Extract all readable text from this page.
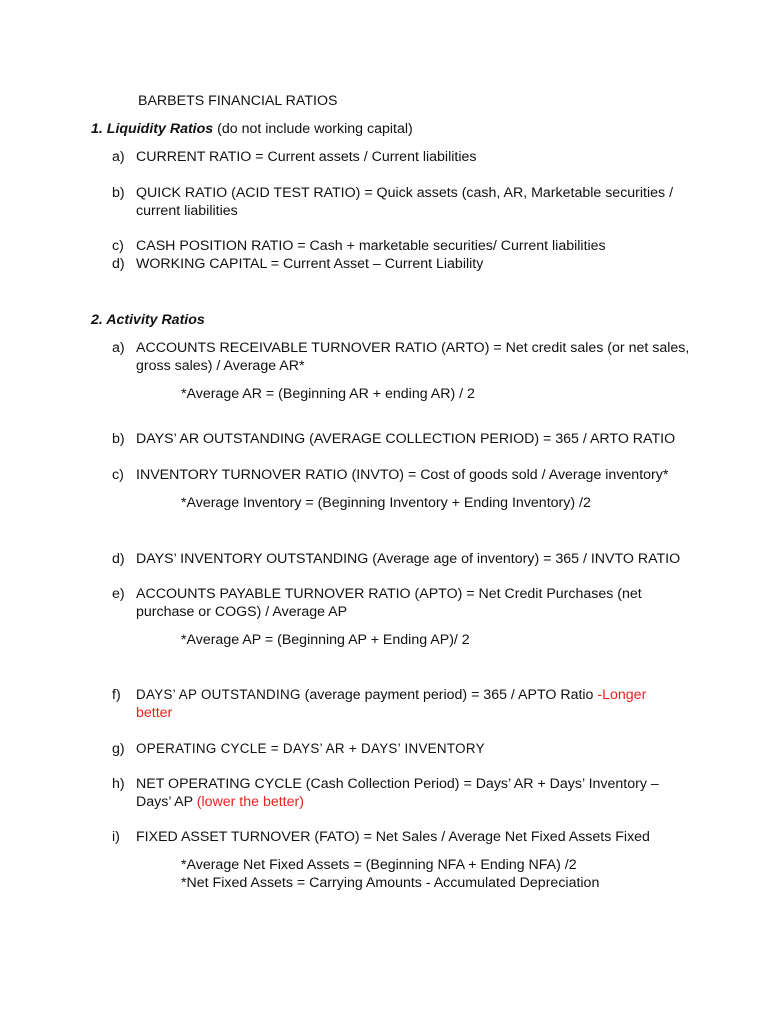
BARBETS FINANCIAL RATIOS
1. Liquidity Ratios (do not include working capital)
a) CURRENT RATIO = Current assets / Current liabilities
b) QUICK RATIO (ACID TEST RATIO) = Quick assets (cash, AR, Marketable securities /
current liabilities
c) CASH POSITION RATIO = Cash + marketable securities/ Current liabilities
d) WORKING CAPITAL = Current Asset – Current Liability
2. Activity Ratios
a) ACCOUNTS RECEIVABLE TURNOVER RATIO (ARTO) = Net credit sales (or net sales,
gross sales) / Average AR*
*Average AR = (Beginning AR + ending AR) / 2
b) DAYS’ AR OUTSTANDING (AVERAGE COLLECTION PERIOD) = 365 / ARTO RATIO
c) INVENTORY TURNOVER RATIO (INVTO) = Cost of goods sold / Average inventory*
*Average Inventory = (Beginning Inventory + Ending Inventory) /2
d) DAYS’ INVENTORY OUTSTANDING (Average age of inventory) = 365 / INVTO RATIO
e) ACCOUNTS PAYABLE TURNOVER RATIO (APTO) = Net Credit Purchases (net
purchase or COGS) / Average AP
*Average AP = (Beginning AP + Ending AP)/ 2
f) DAYS’ AP OUTSTANDING (average payment period) = 365 / APTO Ratio -Longer
better
g) OPERATING CYCLE = DAYS’ AR + DAYS’ INVENTORY
h) NET OPERATING CYCLE (Cash Collection Period) = Days’ AR + Days’ Inventory –
Days’ AP (lower the better)
i) FIXED ASSET TURNOVER (FATO) = Net Sales / Average Net Fixed Assets Fixed
*Average Net Fixed Assets = (Beginning NFA + Ending NFA) /2
*Net Fixed Assets = Carrying Amounts - Accumulated Depreciation
